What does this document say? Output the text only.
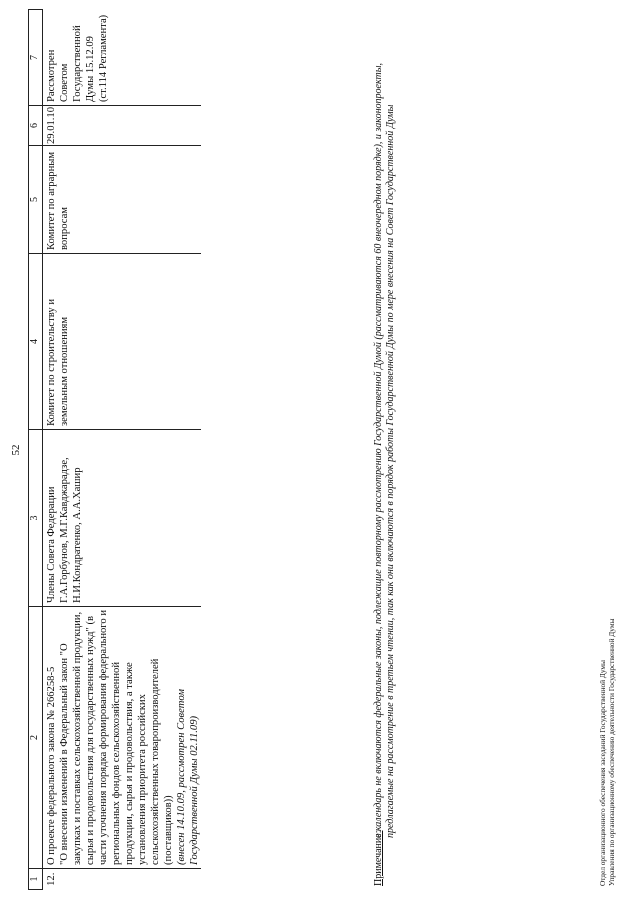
52
1	2	3	4	5	6	7
12.	О проекте федерального закона № 266258-5 "О внесении изменений в Федеральный закон "О закупках и поставках сельскохозяйственной продукции, сырья и продовольствия для государственных нужд" (в части уточнения порядка формирования федерального и региональных фондов сельскохозяйственной продукции, сырья и продовольствия, а также установления приоритета российских сельскохозяйственных товаропроизводителей (поставщиков)) (внесен 14.10.09, рассмотрен Советом Государственной Думы 02.11.09)	Члены Совета Федерации Г.А.Горбунов, М.Г.Кавджарадзе, Н.И.Кондратенко, А.А.Хашир	Комитет по строительству и земельным отношениям	Комитет по аграрным вопросам	29.01.10	Рассмотрен Советом Государственной Думы 15.12.09 (ст.114 Регламента)
Примечание:
в календарь не включаются федеральные законы, подлежащие повторному рассмотрению Государственной Думой (рассматриваются 60 внеочередном порядке), и законопроекты, предлагаемые на рассмотрение в третьем чтении, так как они включаются в порядок работы Государственной Думы по мере внесения на Совет Государственной Думы	Отдел организационного обеспечения заседаний Государственной Думы Управления по организационному обеспечению деятельности Государственной Думы
